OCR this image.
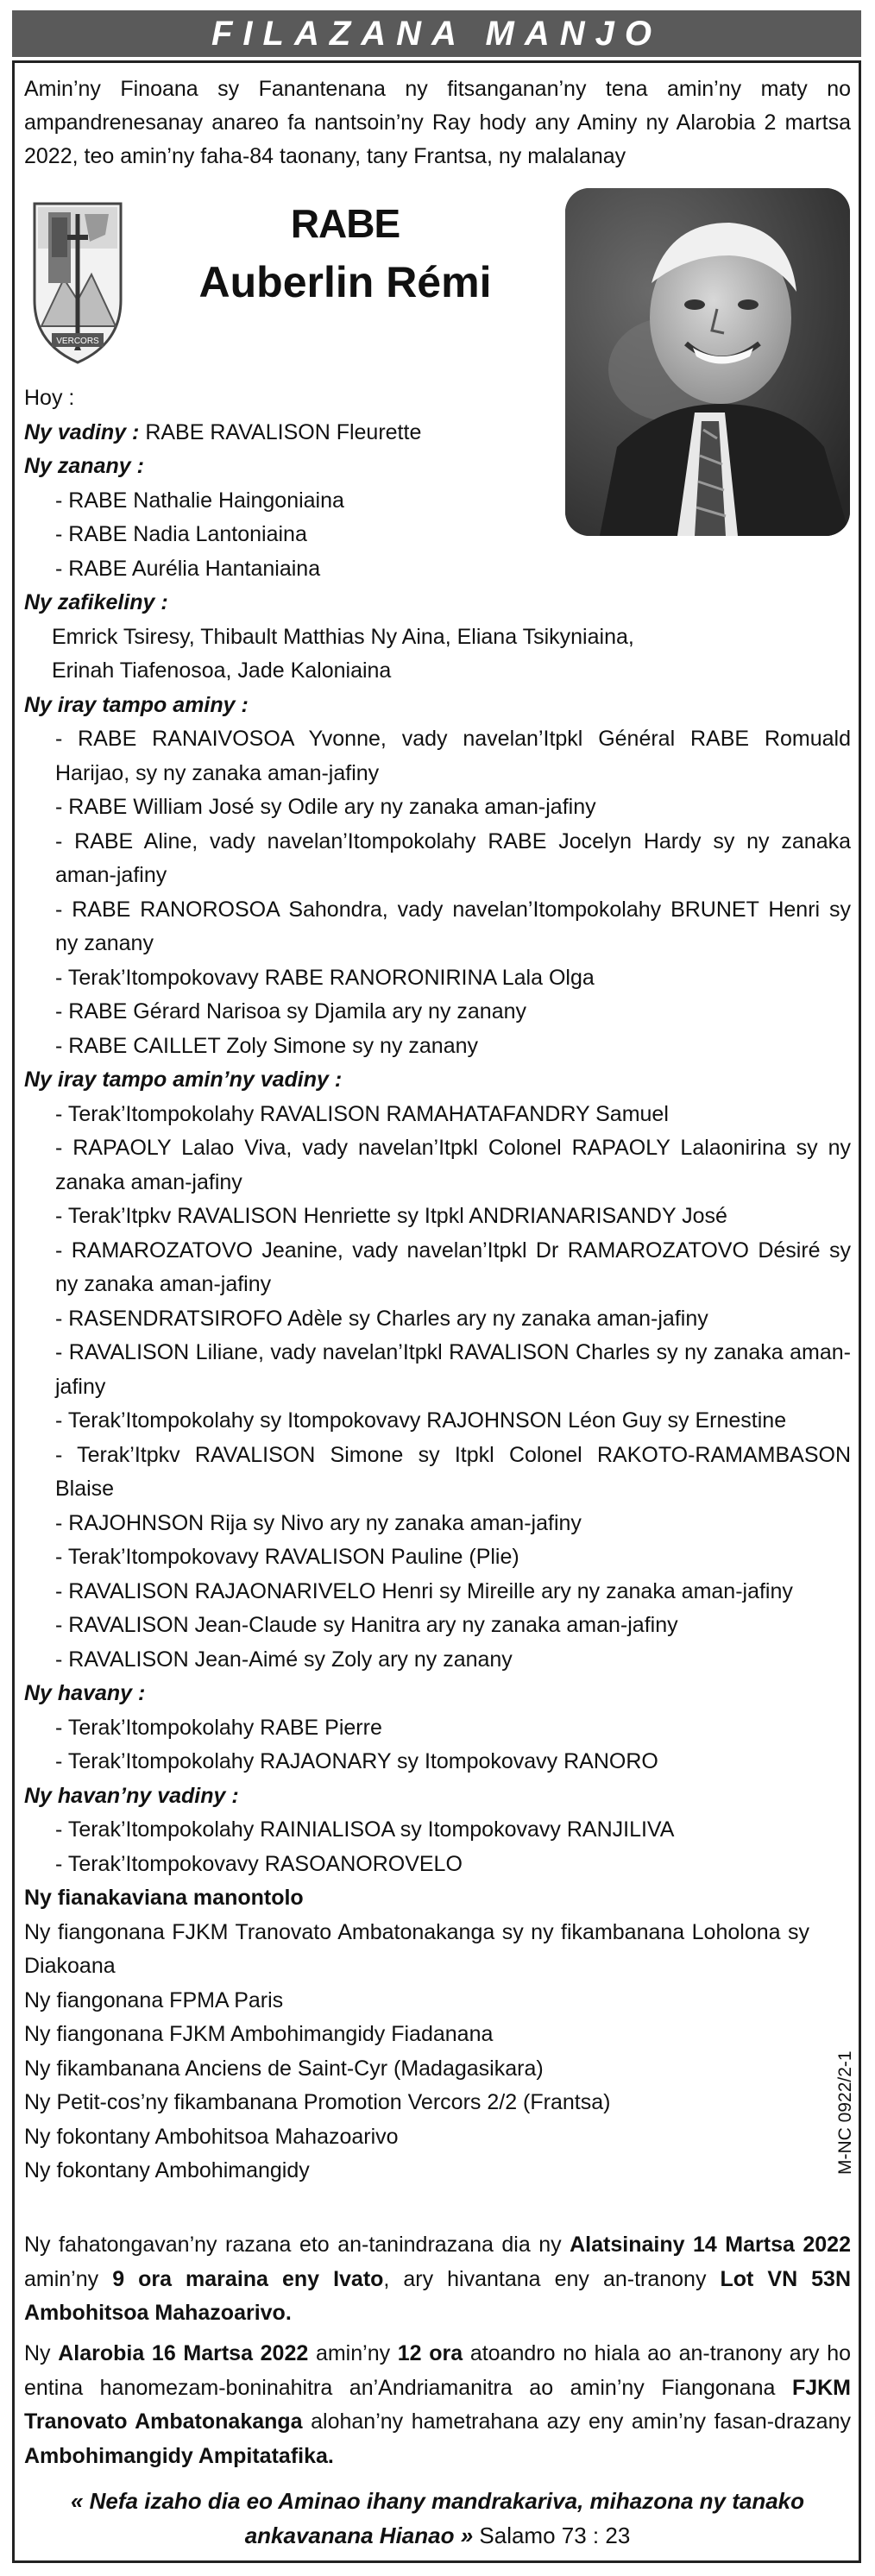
FILAZANA MANJO

Amin’ny Finoana sy Fanantenana ny fitsanganan’ny tena amin’ny maty no ampandrenesanay anareo fa nantsoin’ny Ray hody any Aminy ny Alarobia 2 martsa 2022, teo amin’ny faha-84 taonany, tany Frantsa, ny malalanay

VERCORS
RABE
Auberlin Rémi
Hoy :
Ny vadiny : RABE RAVALISON Fleurette
Ny zanany :
- RABE Nathalie Haingoniaina
- RABE Nadia Lantoniaina
- RABE Aurélia Hantaniaina
Ny zafikeliny :
Emrick Tsiresy, Thibault Matthias Ny Aina, Eliana Tsikyniaina,
Erinah Tiafenosoa, Jade Kaloniaina
Ny iray tampo aminy :
- RABE RANAIVOSOA Yvonne, vady navelan’Itpkl Général RABE Romuald Harijao, sy ny zanaka aman-jafiny
- RABE William José sy Odile ary ny zanaka aman-jafiny
- RABE Aline, vady navelan’Itompokolahy RABE Jocelyn Hardy sy ny zanaka aman-jafiny
- RABE RANOROSOA Sahondra, vady navelan’Itompokolahy BRUNET Henri sy ny zanany
- Terak’Itompokovavy RABE RANORONIRINA Lala Olga
- RABE Gérard Narisoa sy Djamila ary ny zanany
- RABE CAILLET Zoly Simone sy ny zanany
Ny iray tampo amin’ny vadiny :
- Terak’Itompokolahy RAVALISON RAMAHATAFANDRY Samuel
- RAPAOLY Lalao Viva, vady navelan’Itpkl Colonel RAPAOLY Lalaonirina sy ny zanaka aman-jafiny
- Terak’Itpkv RAVALISON Henriette sy Itpkl ANDRIANARISANDY José
- RAMAROZATOVO Jeanine, vady navelan’Itpkl Dr RAMAROZATOVO Désiré sy ny zanaka aman-jafiny
- RASENDRATSIROFO Adèle sy Charles ary ny zanaka aman-jafiny
- RAVALISON Liliane, vady navelan’Itpkl RAVALISON Charles sy ny zanaka aman-jafiny
- Terak’Itompokolahy sy Itompokovavy RAJOHNSON Léon Guy sy Ernestine
- Terak’Itpkv RAVALISON Simone sy Itpkl Colonel RAKOTO-RAMAMBASON Blaise
- RAJOHNSON Rija sy Nivo ary ny zanaka aman-jafiny
- Terak’Itompokovavy RAVALISON Pauline (Plie)
- RAVALISON RAJAONARIVELO Henri sy Mireille ary ny zanaka aman-jafiny
- RAVALISON Jean-Claude sy Hanitra ary ny zanaka aman-jafiny
- RAVALISON Jean-Aimé sy Zoly ary ny zanany
Ny havany :
- Terak’Itompokolahy RABE Pierre
- Terak’Itompokolahy RAJAONARY sy Itompokovavy RANORO
Ny havan’ny vadiny :
- Terak’Itompokolahy RAINIALISOA sy Itompokovavy RANJILIVA
- Terak’Itompokovavy RASOANOROVELO
Ny fianakaviana manontolo
Ny fiangonana FJKM Tranovato Ambatonakanga sy ny fikambanana Loholona sy Diakoana
Ny fiangonana FPMA Paris
Ny fiangonana FJKM Ambohimangidy Fiadanana
Ny fikambanana Anciens de Saint-Cyr (Madagasikara)
Ny Petit-cos’ny fikambanana Promotion Vercors 2/2 (Frantsa)
Ny fokontany Ambohitsoa Mahazoarivo
Ny fokontany Ambohimangidy	M-NC 0922/2-1

Ny fahatongavan’ny razana eto an-tanindrazana dia ny Alatsinainy 14 Martsa 2022 amin’ny 9 ora maraina eny Ivato, ary hivantana eny an-tranony Lot VN 53N Ambohitsoa Mahazoarivo.

Ny Alarobia 16 Martsa 2022 amin’ny 12 ora atoandro no hiala ao an-tranony ary ho entina hanomezam-boninahitra an’Andriamanitra ao amin’ny Fiangonana FJKM Tranovato Ambatonakanga alohan’ny hametrahana azy eny amin’ny fasan-drazany Ambohimangidy Ampitatafika.

« Nefa izaho dia eo Aminao ihany mandrakariva, mihazona ny tanako ankavanana Hianao » Salamo 73 : 23
